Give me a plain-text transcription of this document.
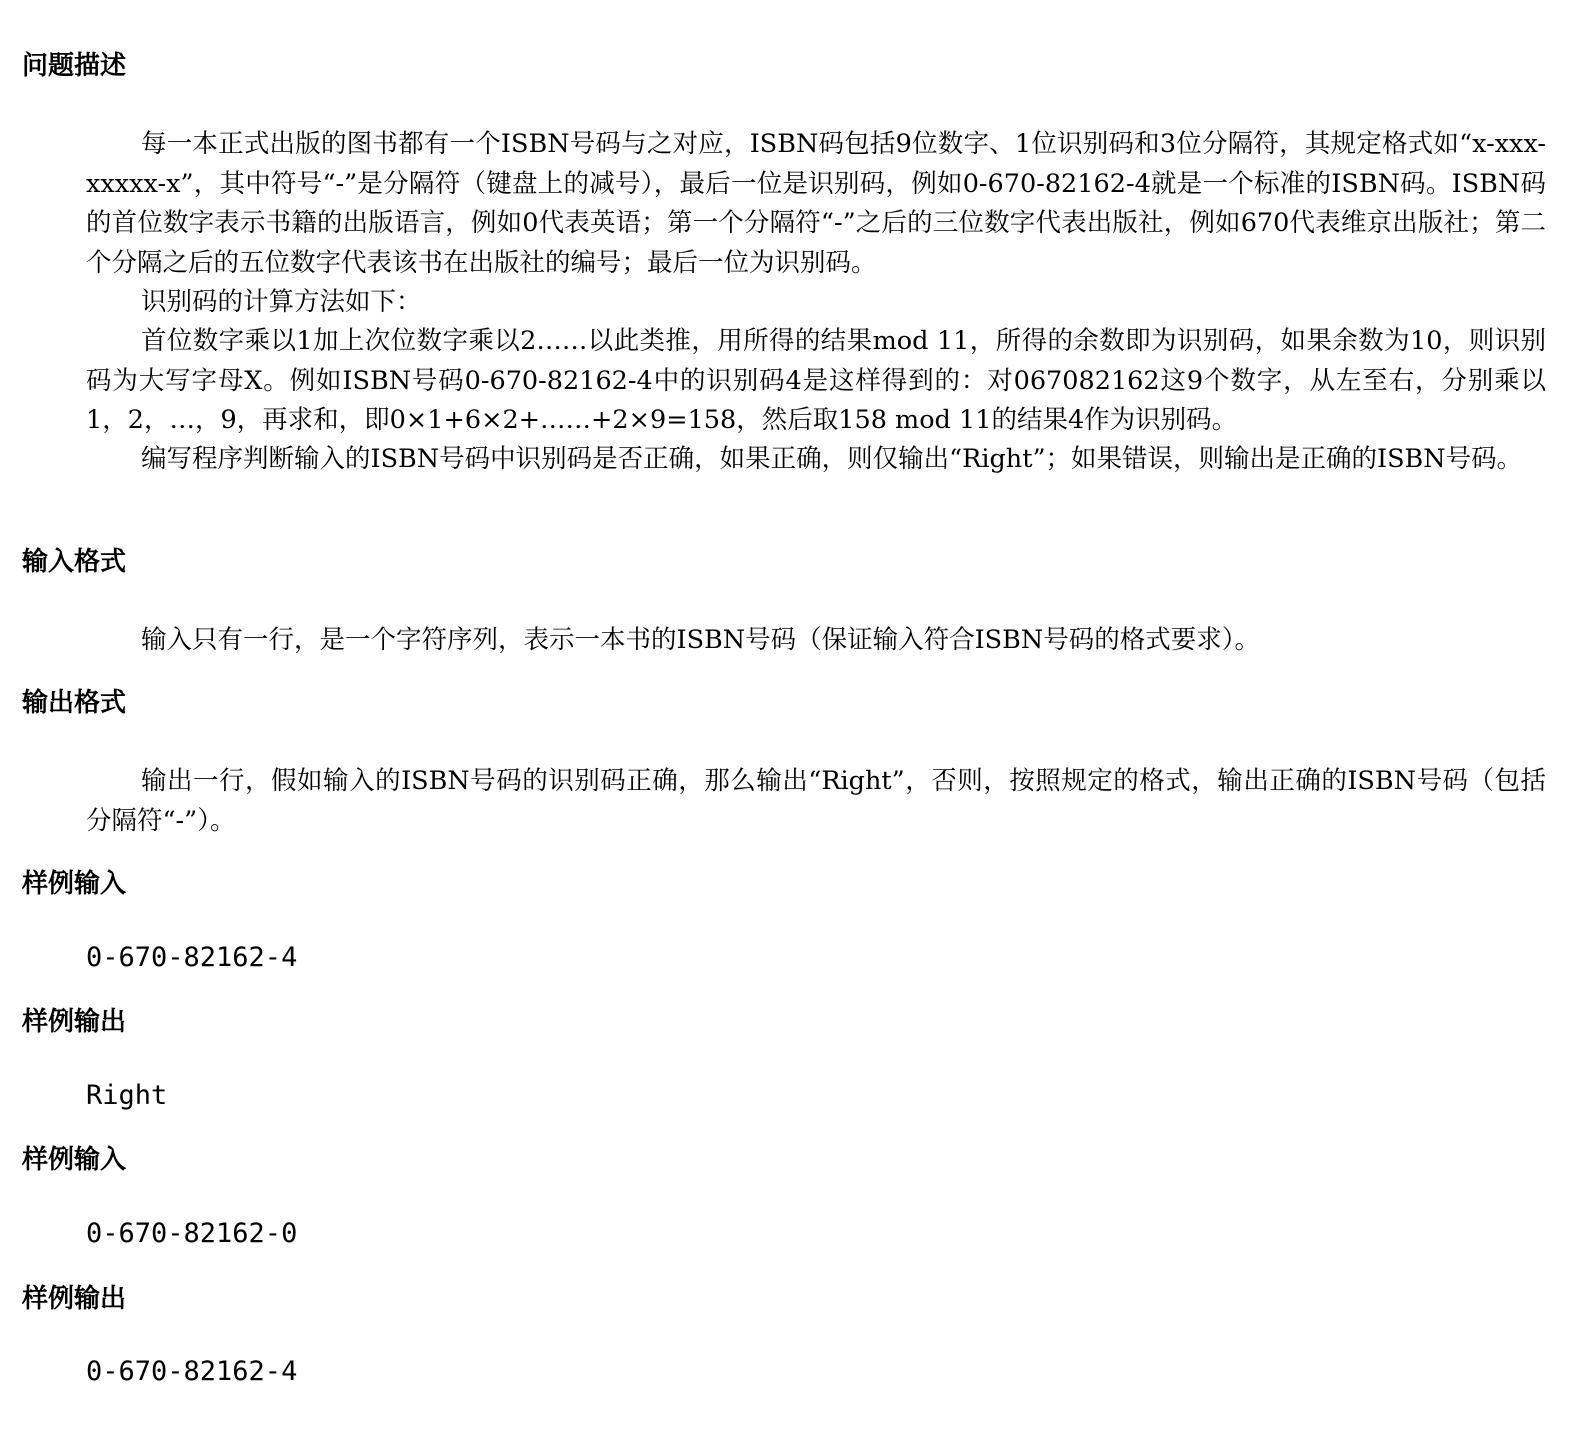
问题描述

每一本正式出版的图书都有一个ISBN号码与之对应，ISBN码包括9位数字、1位识别码和3位分隔符，其规定格式如“x-xxx-xxxxx-x”，其中符号“-”是分隔符（键盘上的减号），最后一位是识别码，例如0-670-82162-4就是一个标准的ISBN码。ISBN码的首位数字表示书籍的出版语言，例如0代表英语；第一个分隔符“-”之后的三位数字代表出版社，例如670代表维京出版社；第二个分隔之后的五位数字代表该书在出版社的编号；最后一位为识别码。

识别码的计算方法如下：

首位数字乘以1加上次位数字乘以2……以此类推，用所得的结果mod 11，所得的余数即为识别码，如果余数为10，则识别码为大写字母X。例如ISBN号码0-670-82162-4中的识别码4是这样得到的：对067082162这9个数字，从左至右，分别乘以1，2，…，9，再求和，即0×1+6×2+……+2×9=158，然后取158 mod 11的结果4作为识别码。

编写程序判断输入的ISBN号码中识别码是否正确，如果正确，则仅输出“Right”；如果错误，则输出是正确的ISBN号码。

输入格式

输入只有一行，是一个字符序列，表示一本书的ISBN号码（保证输入符合ISBN号码的格式要求）。

输出格式

输出一行，假如输入的ISBN号码的识别码正确，那么输出“Right”，否则，按照规定的格式，输出正确的ISBN号码（包括分隔符“-”）。

样例输入
0-670-82162-4
样例输出
Right
样例输入
0-670-82162-0
样例输出
0-670-82162-4
